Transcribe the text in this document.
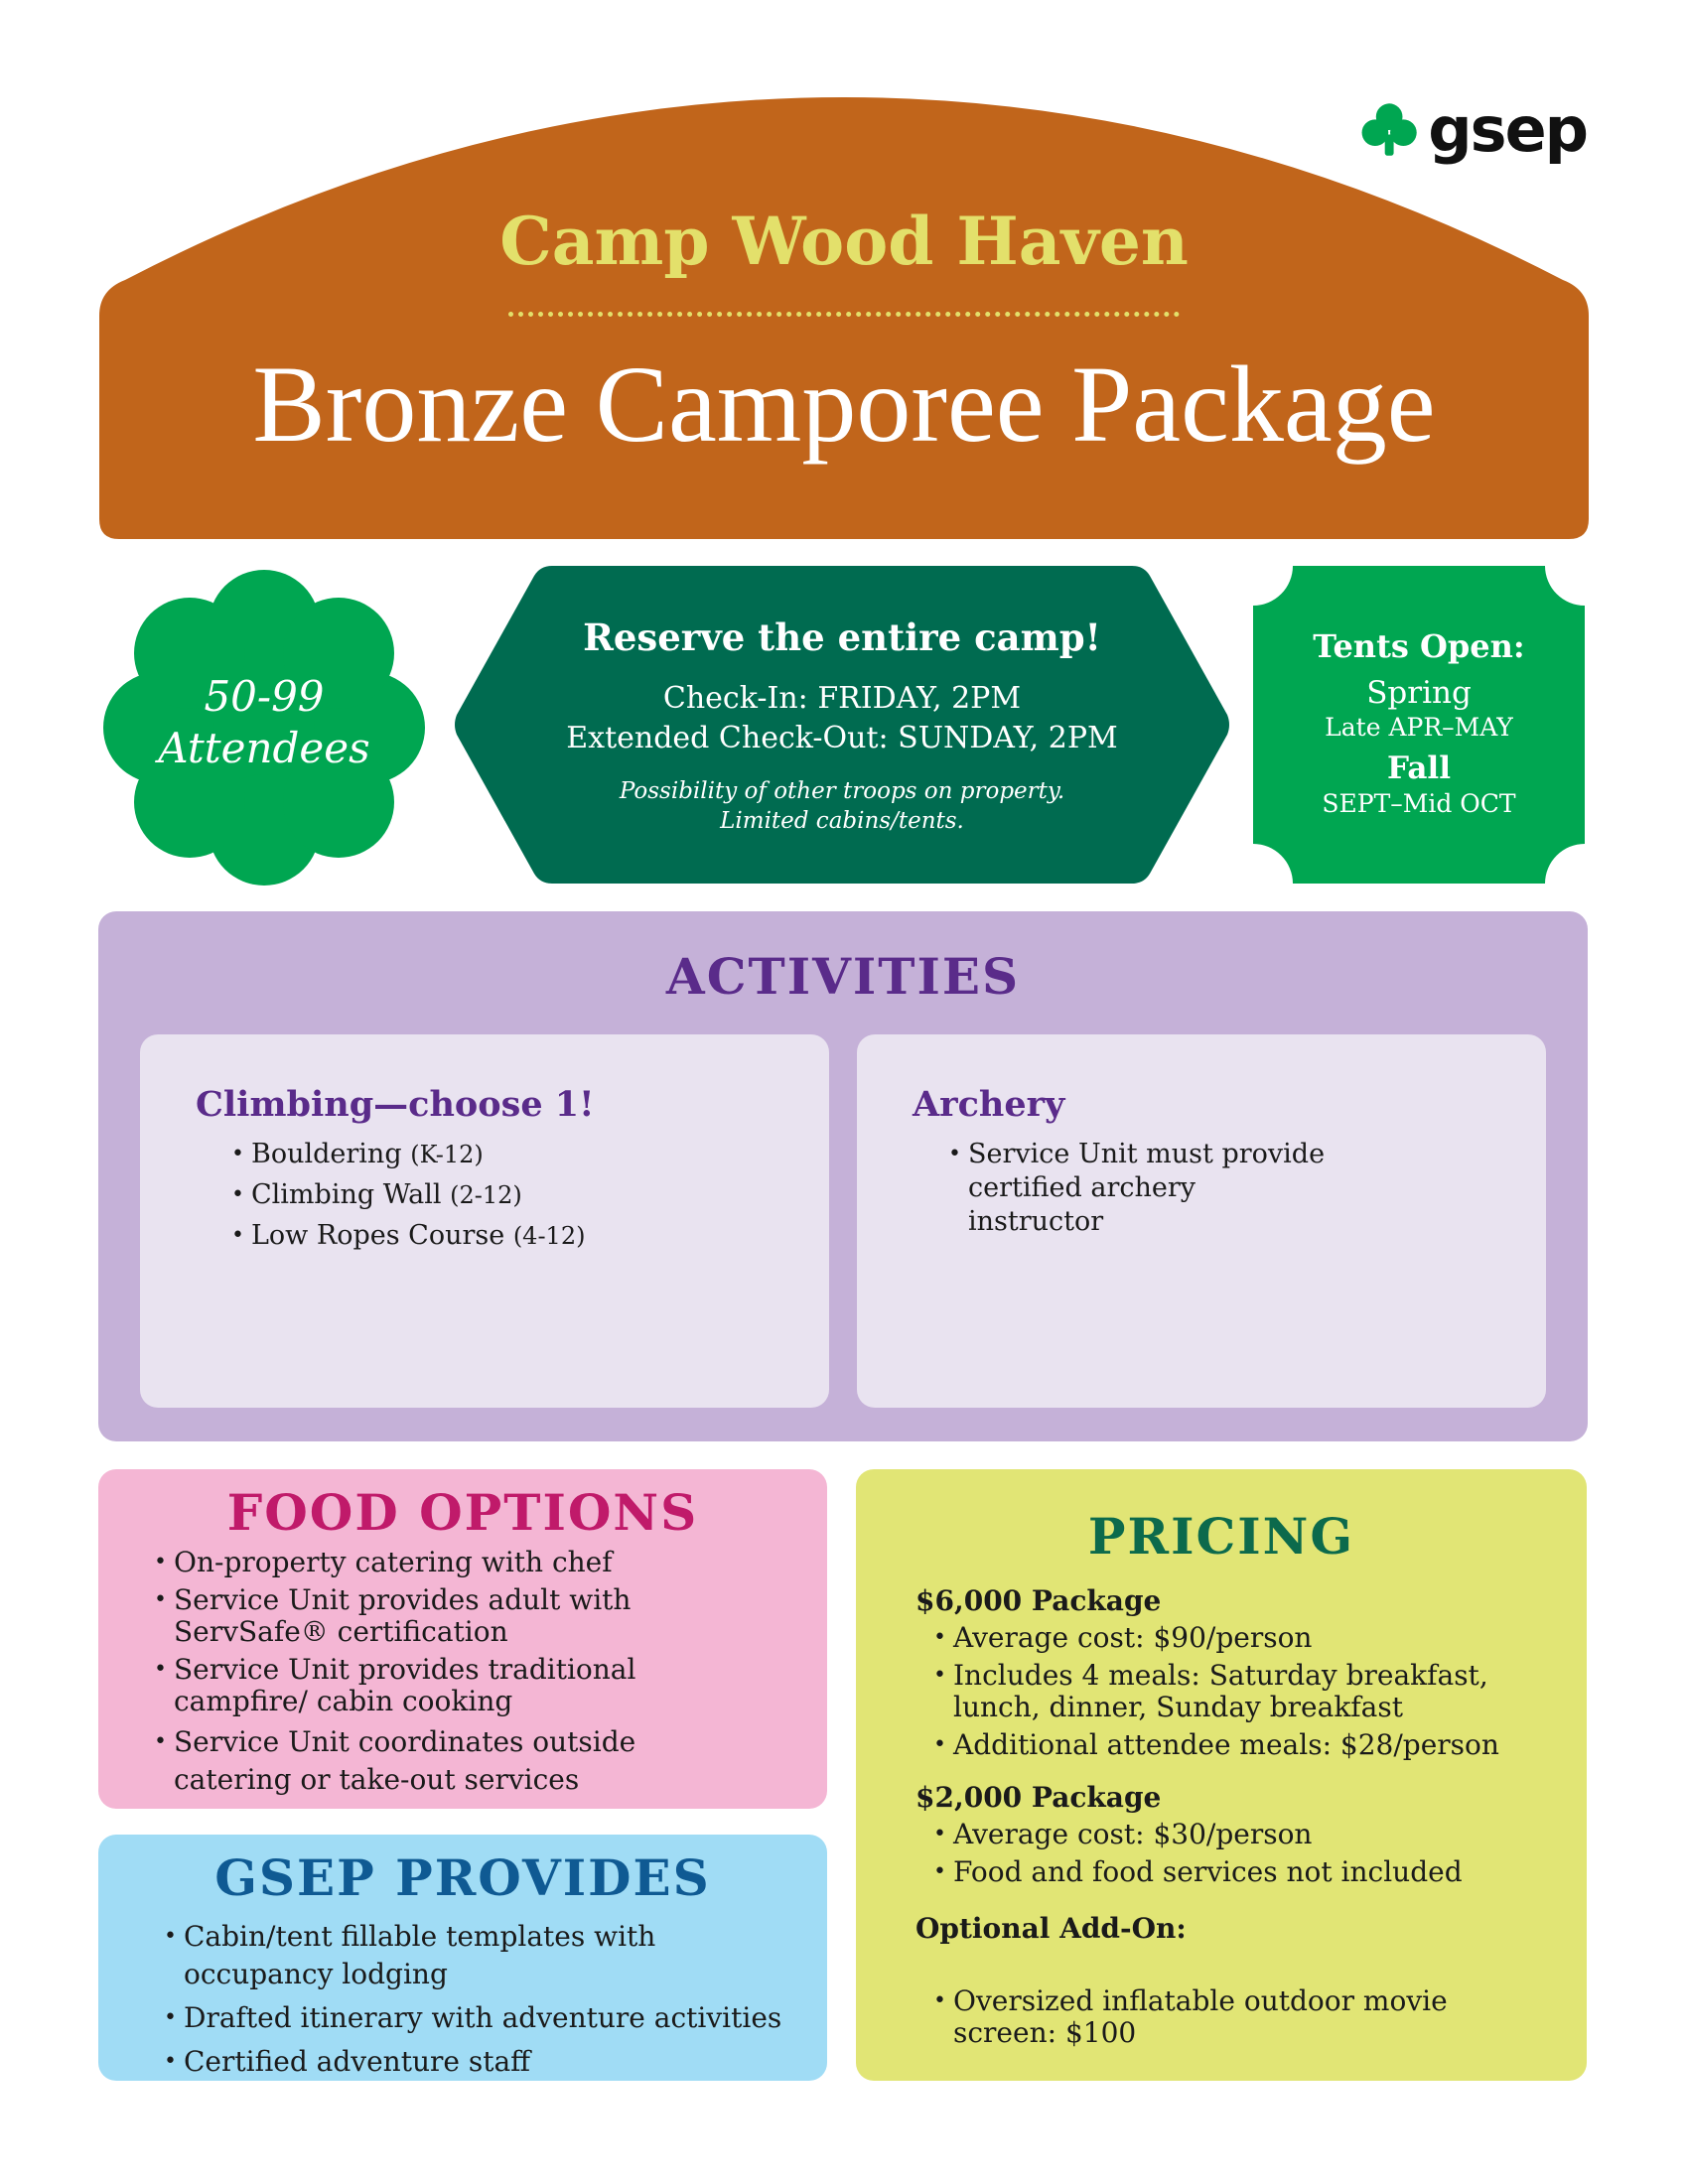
gsep
Camp Wood Haven
Bronze Camporee Package
50-99
Attendees
Reserve the entire camp!
Check-In: FRIDAY, 2PM
Extended Check-Out: SUNDAY, 2PM
Possibility of other troops on property.
Limited cabins/tents.
Tents Open:
Spring
Late APR–MAY
Fall
SEPT–Mid OCT
ACTIVITIES
Climbing—choose 1!
• Bouldering (K-12)
• Climbing Wall (2-12)
• Low Ropes Course (4-12)
Archery
• Service Unit must provide certified archery instructor
FOOD OPTIONS
• On-property catering with chef
• Service Unit provides adult with ServSafe® certification
• Service Unit provides traditional campfire/ cabin cooking
• Service Unit coordinates outside catering or take-out services
GSEP PROVIDES
• Cabin/tent fillable templates with occupancy lodging
• Drafted itinerary with adventure activities
• Certified adventure staff
PRICING
$6,000 Package
• Average cost: $90/person
• Includes 4 meals: Saturday breakfast, lunch, dinner, Sunday breakfast
• Additional attendee meals: $28/person
$2,000 Package
• Average cost: $30/person
• Food and food services not included
Optional Add-On:
• Oversized inflatable outdoor movie screen: $100
